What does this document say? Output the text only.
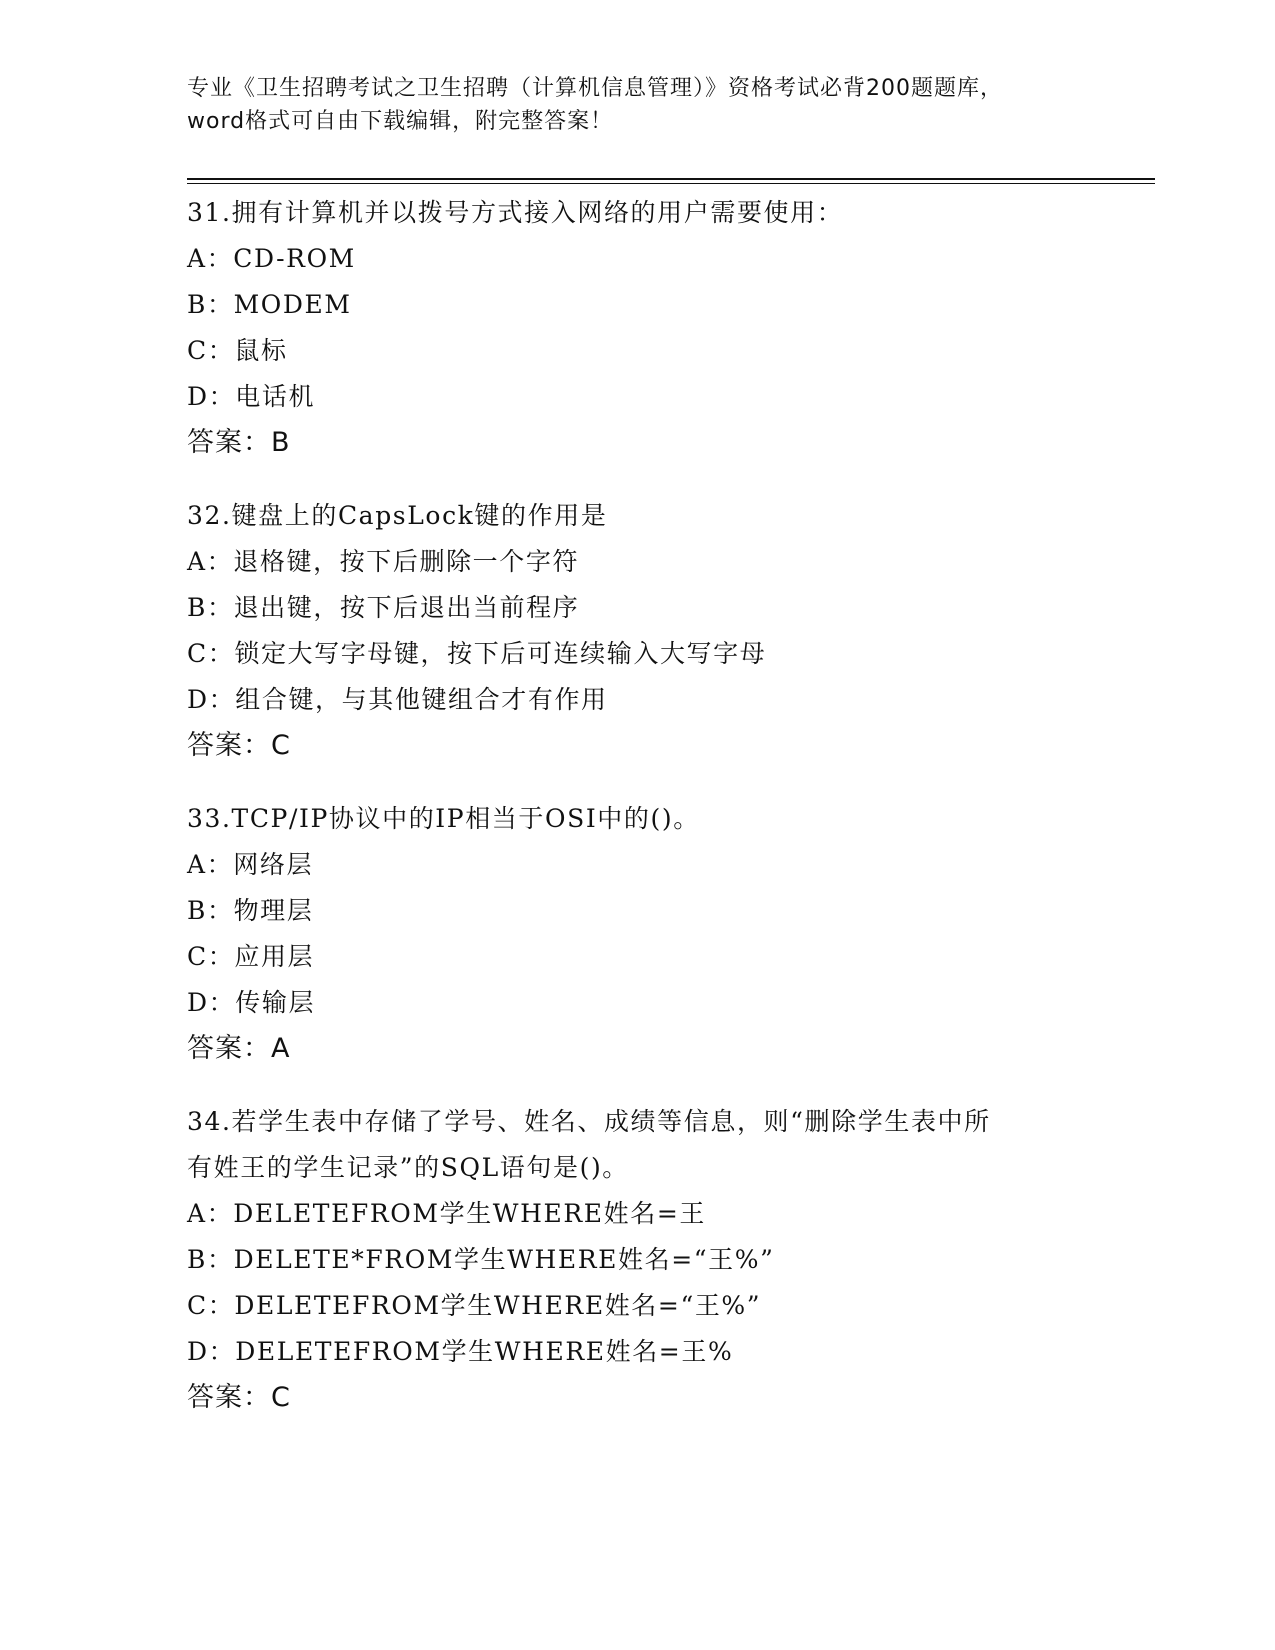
专业《卫生招聘考试之卫生招聘（计算机信息管理）》资格考试必背200题题库，
word格式可自由下载编辑，附完整答案！
31.拥有计算机并以拨号方式接入网络的用户需要使用：
A：CD-ROM
B：MODEM
C：鼠标
D：电话机
答案：B
32.键盘上的CapsLock键的作用是
A：退格键，按下后删除一个字符
B：退出键，按下后退出当前程序
C：锁定大写字母键，按下后可连续输入大写字母
D：组合键，与其他键组合才有作用
答案：C
33.TCP/IP协议中的IP相当于OSI中的()。
A：网络层
B：物理层
C：应用层
D：传输层
答案：A
34.若学生表中存储了学号、姓名、成绩等信息，则“删除学生表中所
有姓王的学生记录”的SQL语句是()。
A：DELETEFROM学生WHERE姓名=王
B：DELETE*FROM学生WHERE姓名=“王%”
C：DELETEFROM学生WHERE姓名=“王%”
D：DELETEFROM学生WHERE姓名=王%
答案：C
